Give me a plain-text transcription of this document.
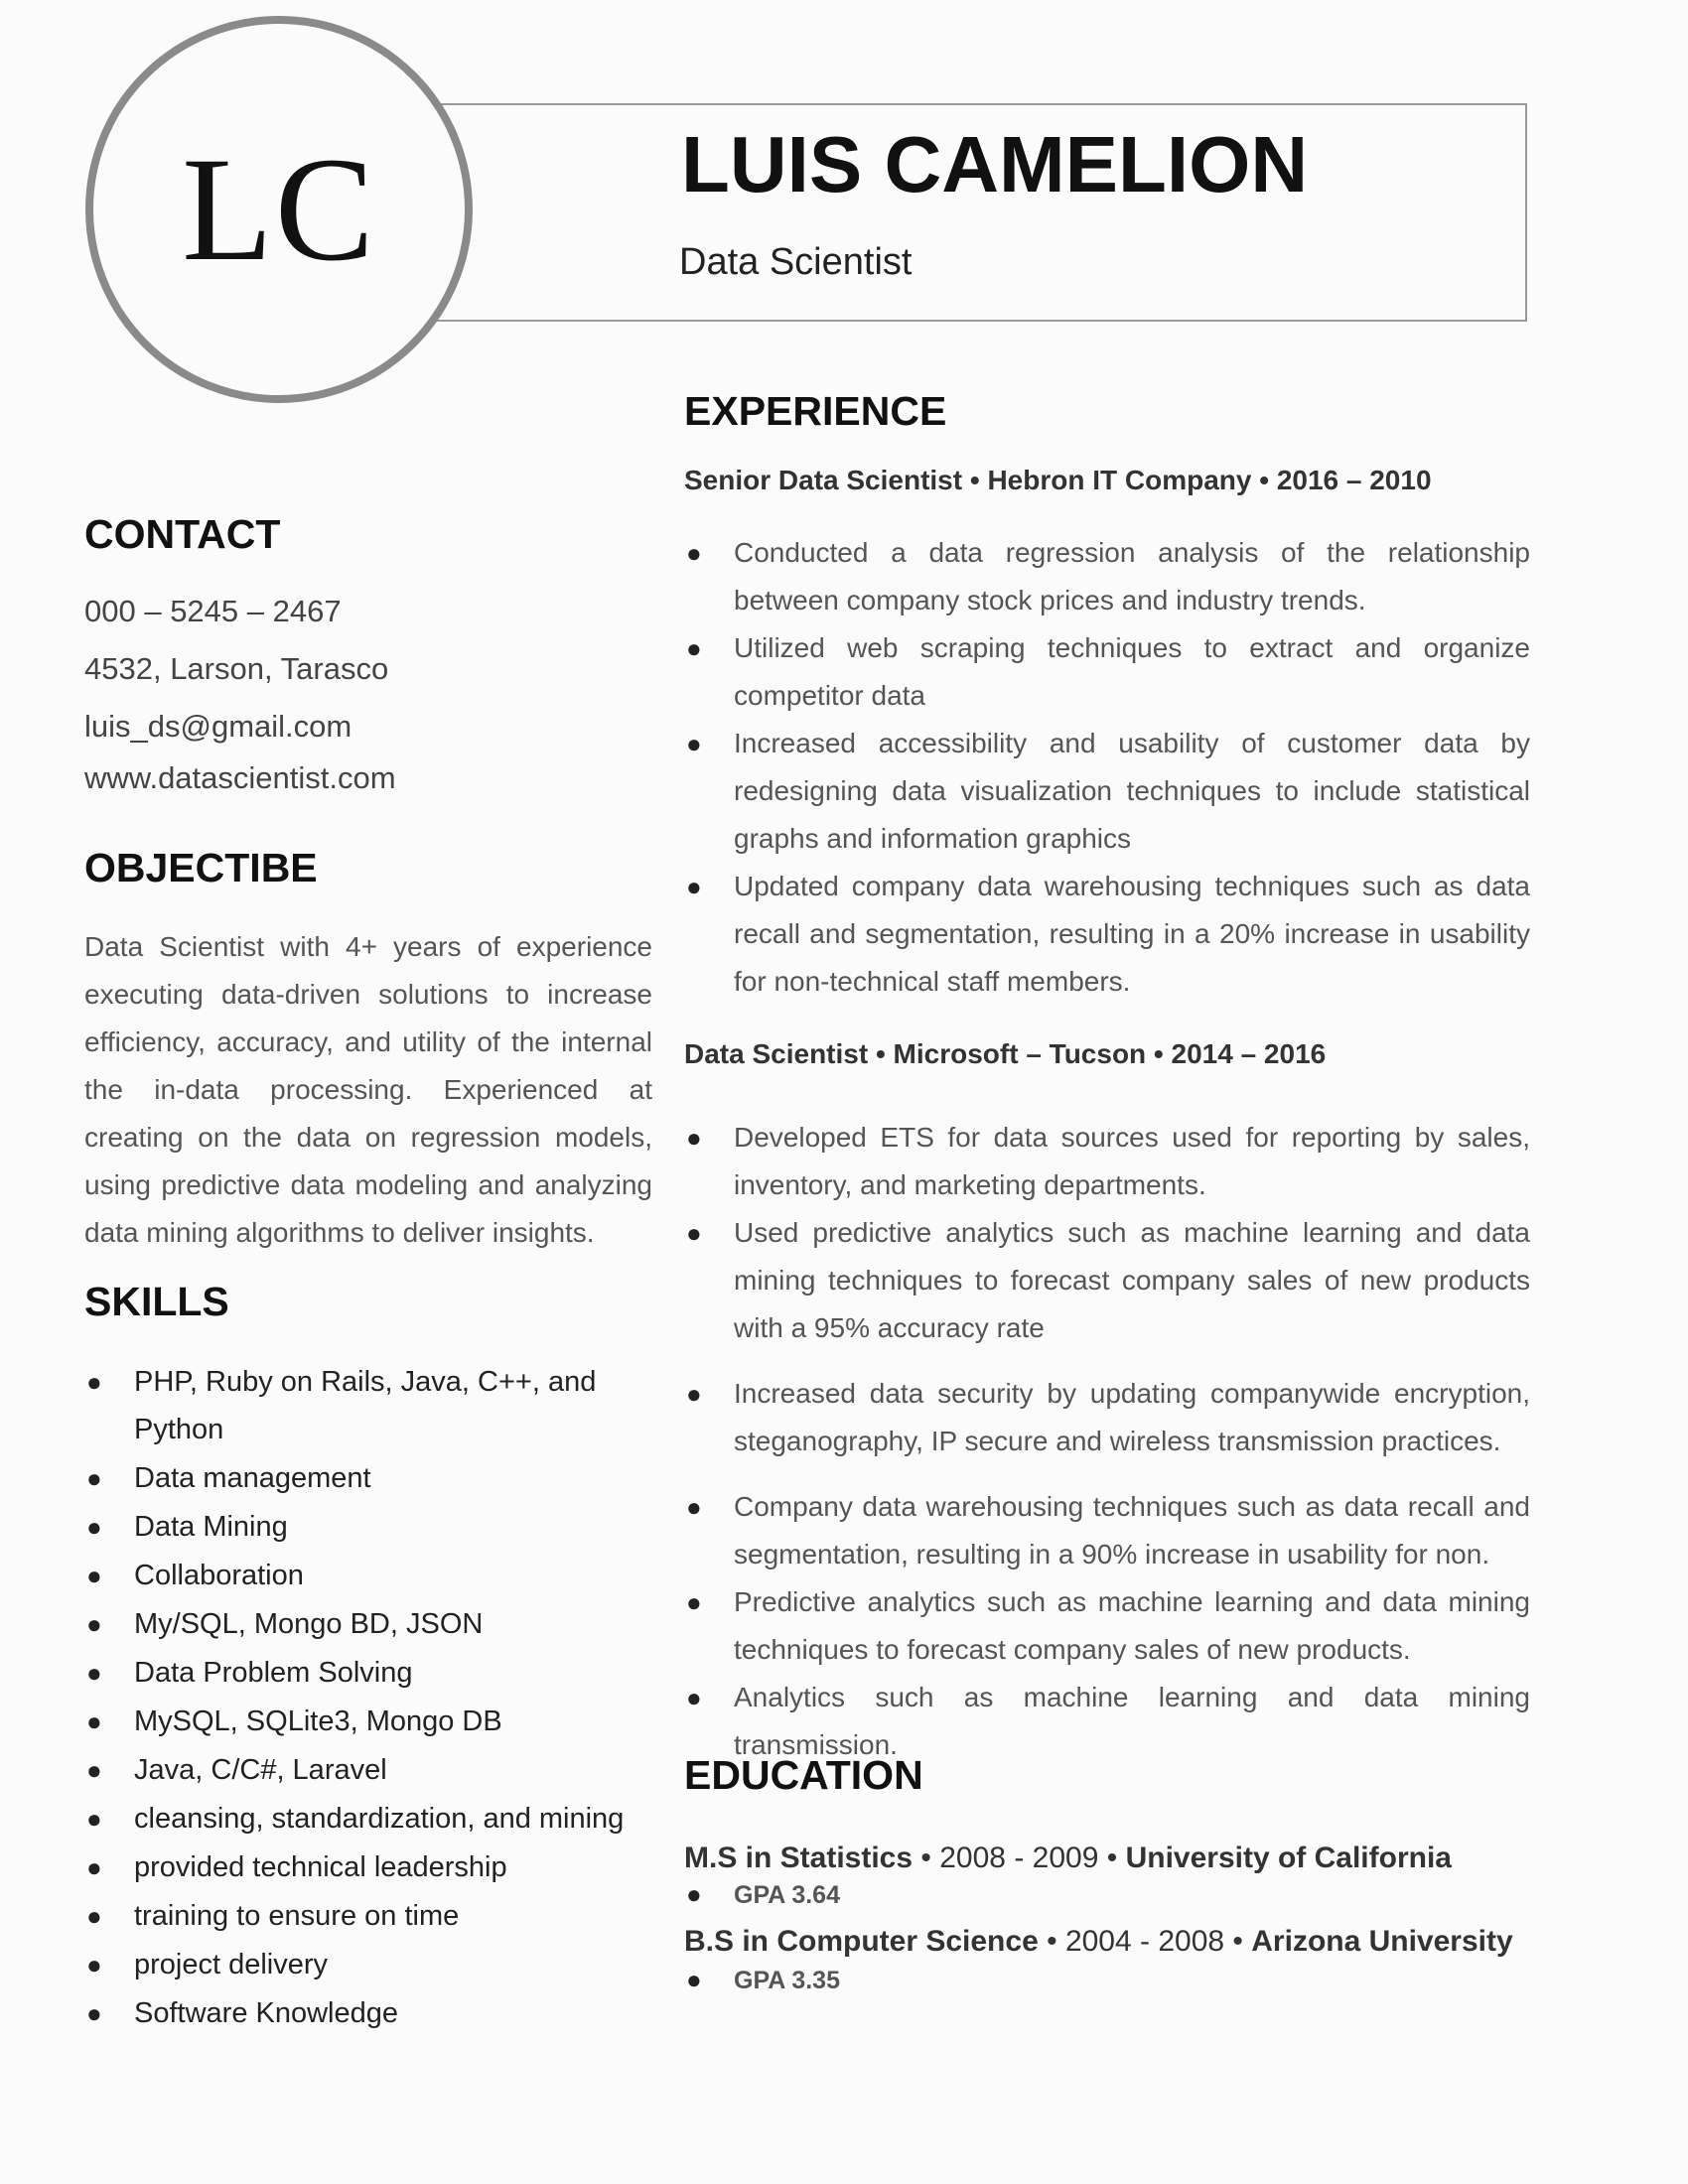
LC	LUIS CAMELION
Data Scientist
CONTACT
000 – 5245 – 2467
4532, Larson, Tarasco
luis_ds@gmail.com
www.datascientist.com
OBJECTIBE

Data Scientist with 4+ years of experience executing data-driven solutions to increase efficiency, accuracy, and utility of the internal the in-data processing. Experienced at creating on the data on regression models, using predictive data modeling and analyzing data mining algorithms to deliver insights.

SKILLS
● PHP, Ruby on Rails, Java, C++, and Python
● Data management
● Data Mining
● Collaboration
● My/SQL, Mongo BD, JSON
● Data Problem Solving
● MySQL, SQLite3, Mongo DB
● Java, C/C#, Laravel
● cleansing, standardization, and mining
● provided technical leadership
● training to ensure on time
● project delivery
● Software Knowledge
EXPERIENCE
Senior Data Scientist • Hebron IT Company • 2016 – 2010
● Conducted a data regression analysis of the relationship between company stock prices and industry trends.
● Utilized web scraping techniques to extract and organize competitor data
● Increased accessibility and usability of customer data by redesigning data visualization techniques to include statistical graphs and information graphics
● Updated company data warehousing techniques such as data recall and segmentation, resulting in a 20% increase in usability for non-technical staff members.
Data Scientist • Microsoft – Tucson • 2014 – 2016
● Developed ETS for data sources used for reporting by sales, inventory, and marketing departments.
● Used predictive analytics such as machine learning and data mining techniques to forecast company sales of new products with a 95% accuracy rate
● Increased data security by updating companywide encryption, steganography, IP secure and wireless transmission practices.
● Company data warehousing techniques such as data recall and segmentation, resulting in a 90% increase in usability for non.
● Predictive analytics such as machine learning and data mining techniques to forecast company sales of new products.
● Analytics such as machine learning and data mining transmission.
EDUCATION
M.S in Statistics • 2008 - 2009 • University of California
● GPA 3.64
B.S in Computer Science • 2004 - 2008 • Arizona University
● GPA 3.35
